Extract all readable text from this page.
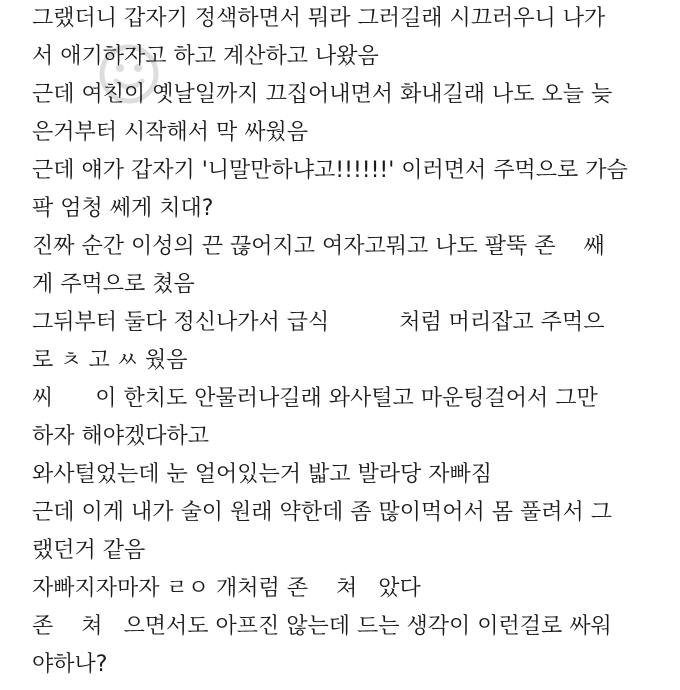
그랬더니 갑자기 정색하면서 뭐라 그러길래 시끄러우니 나가
서 애기하자고 하고 계산하고 나왔음
근데 여친이 옛날일까지 끄집어내면서 화내길래 나도 오늘 늦
은거부터 시작해서 막 싸웠음
근데 얘가 갑자기 '니말만하냐고!!!!!!' 이러면서 주먹으로 가슴
팍 엄청 쎄게 치대?
진짜 순간 이성의 끈 끊어지고 여자고뭐고 나도 팔뚝 존    쌔
게 주먹으로 쳤음
그뒤부터 둘다 정신나가서 급식          처럼 머리잡고 주먹으
로 ㅊ 고 ㅆ 웠음
씨      이 한치도 안물러나길래 와사털고 마운팅걸어서 그만
하자 해야겠다하고
와사털었는데 눈 얼어있는거 밟고 발라당 자빠짐
근데 이게 내가 술이 원래 약한데 좀 많이먹어서 몸 풀려서 그
랬던거 같음
자빠지자마자 ㄹㅇ 개처럼 존    쳐   았다
존    쳐   으면서도 아프진 않는데 드는 생각이 이런걸로 싸워
야하나?
